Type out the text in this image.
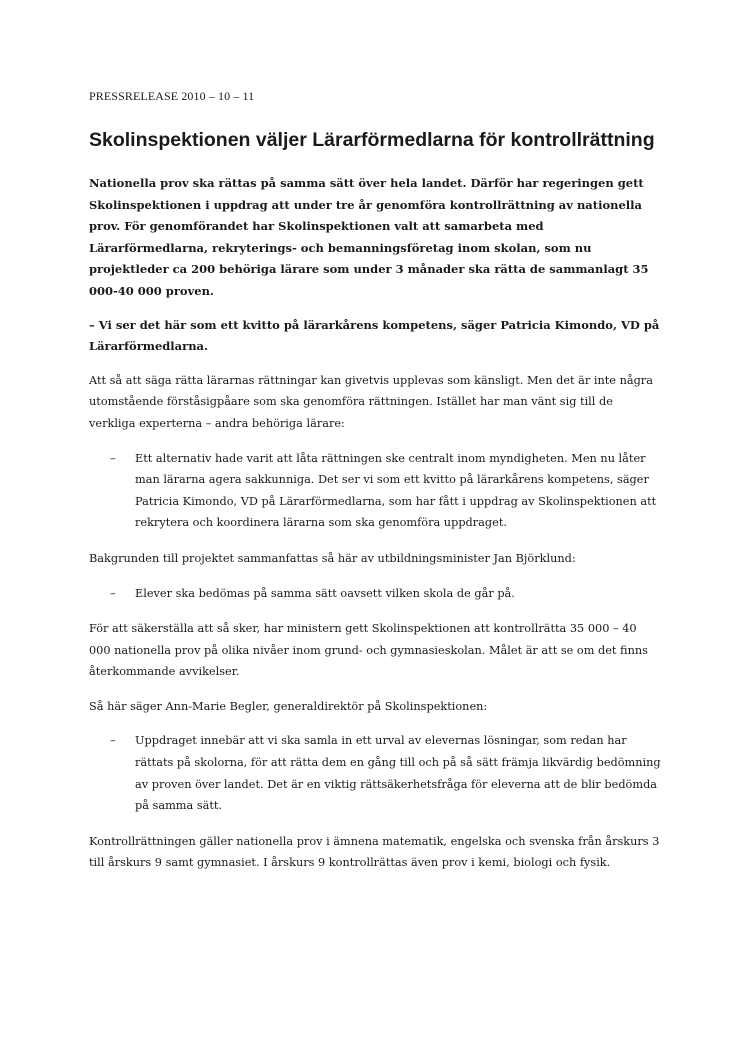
PRESSRELEASE 2010 – 10 – 11
Skolinspektionen väljer Lärarförmedlarna för kontrollrättning

Nationella prov ska rättas på samma sätt över hela landet. Därför har regeringen gett Skolinspektionen i uppdrag att under tre år genomföra kontrollrättning av nationella prov. För genomförandet har Skolinspektionen valt att samarbeta med Lärarförmedlarna, rekryterings- och bemanningsföretag inom skolan, som nu projektleder ca 200 behöriga lärare som under 3 månader ska rätta de sammanlagt 35 000-40 000 proven.

– Vi ser det här som ett kvitto på lärarkårens kompetens, säger Patricia Kimondo, VD på Lärarförmedlarna.

Att så att säga rätta lärarnas rättningar kan givetvis upplevas som känsligt. Men det är inte några utomstående förståsigpåare som ska genomföra rättningen. Istället har man vänt sig till de verkliga experterna – andra behöriga lärare:

– Ett alternativ hade varit att låta rättningen ske centralt inom myndigheten. Men nu låter man lärarna agera sakkunniga. Det ser vi som ett kvitto på lärarkårens kompetens, säger Patricia Kimondo, VD på Lärarförmedlarna, som har fått i uppdrag av Skolinspektionen att rekrytera och koordinera lärarna som ska genomföra uppdraget.

Bakgrunden till projektet sammanfattas så här av utbildningsminister Jan Björklund:

– Elever ska bedömas på samma sätt oavsett vilken skola de går på.

För att säkerställa att så sker, har ministern gett Skolinspektionen att kontrollrätta 35 000 – 40 000 nationella prov på olika nivåer inom grund- och gymnasieskolan. Målet är att se om det finns återkommande avvikelser.

Så här säger Ann-Marie Begler, generaldirektör på Skolinspektionen:

– Uppdraget innebär att vi ska samla in ett urval av elevernas lösningar, som redan har rättats på skolorna, för att rätta dem en gång till och på så sätt främja likvärdig bedömning av proven över landet. Det är en viktig rättsäkerhetsfråga för eleverna att de blir bedömda på samma sätt.

Kontrollrättningen gäller nationella prov i ämnena matematik, engelska och svenska från årskurs 3 till årskurs 9 samt gymnasiet. I årskurs 9 kontrollrättas även prov i kemi, biologi och fysik.
